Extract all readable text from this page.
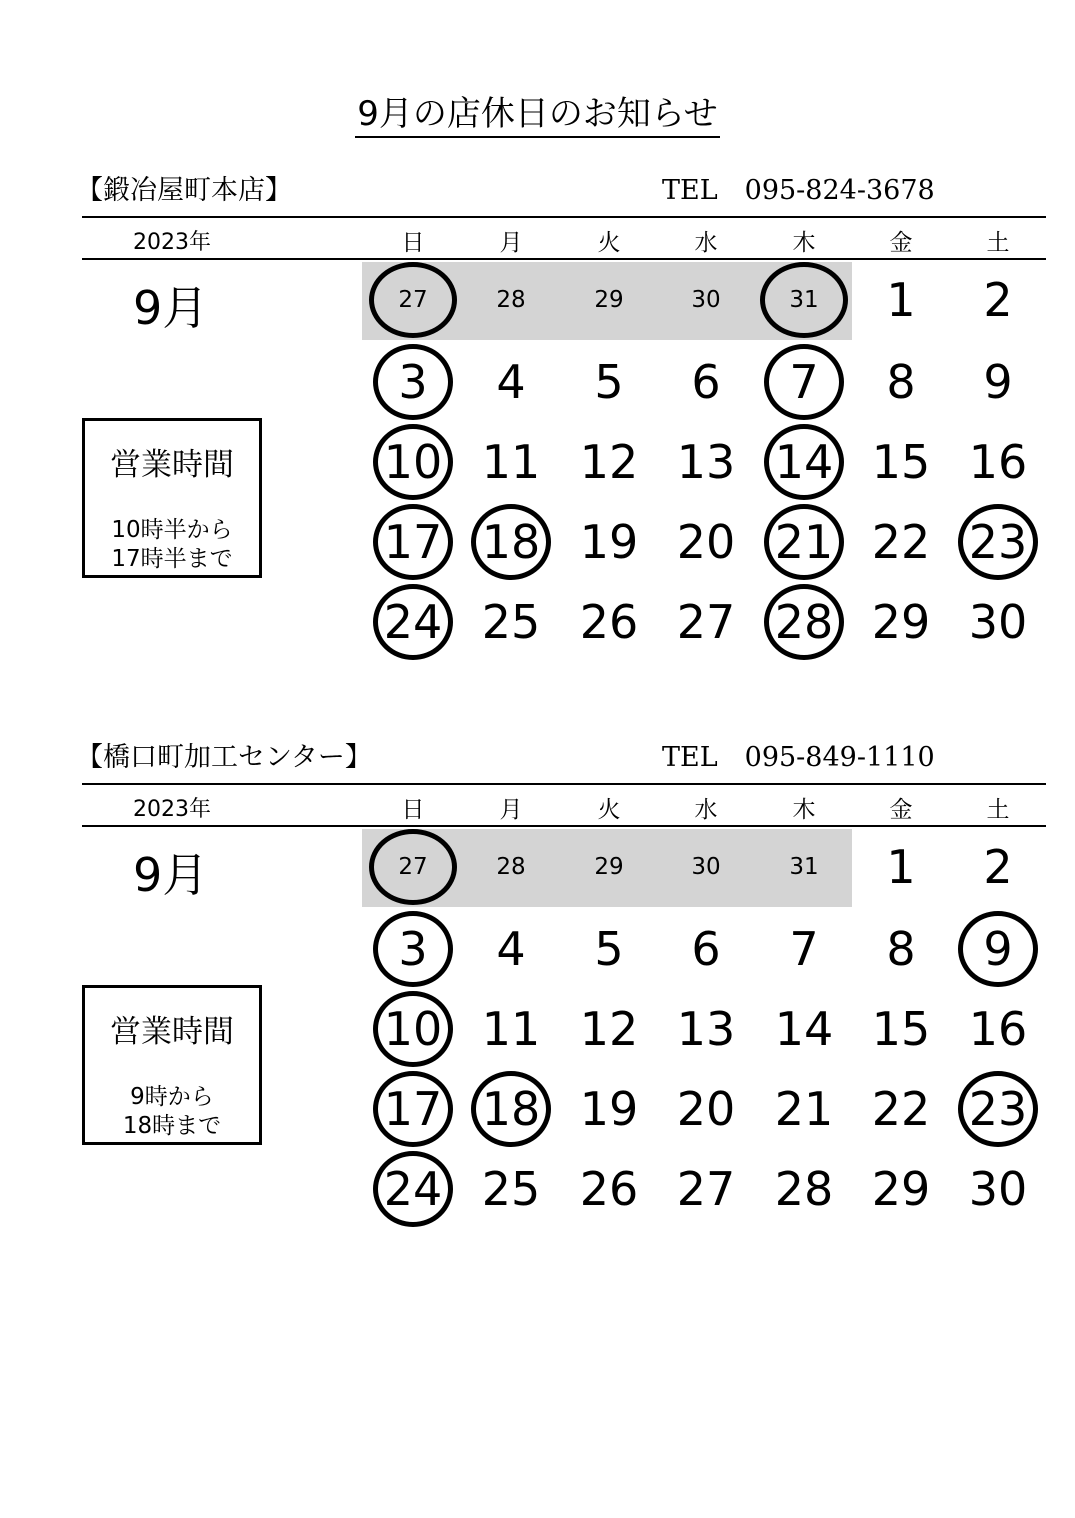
9月の店休日のお知らせ
【鍛冶屋町本店】	TEL　095-824-3678
2023年	日	月	火	水	木	金	土
9月	27	28	29	30	31 1 2
3 4 5 6 7 8 9
10 11 12 13 14 15 16
17 18 19 20 21 22 23
24 25 26 27 28 29 30
営業時間
10時半から
17時半まで
【橋口町加工センター】	TEL　095-849-1110
2023年	日	月	火	水	木	金	土
9月	27	28	29	30	31 1 2
3 4 5 6 7 8 9
10 11 12 13 14 15 16
17 18 19 20 21 22 23
24 25 26 27 28 29 30
営業時間
9時から
18時まで
